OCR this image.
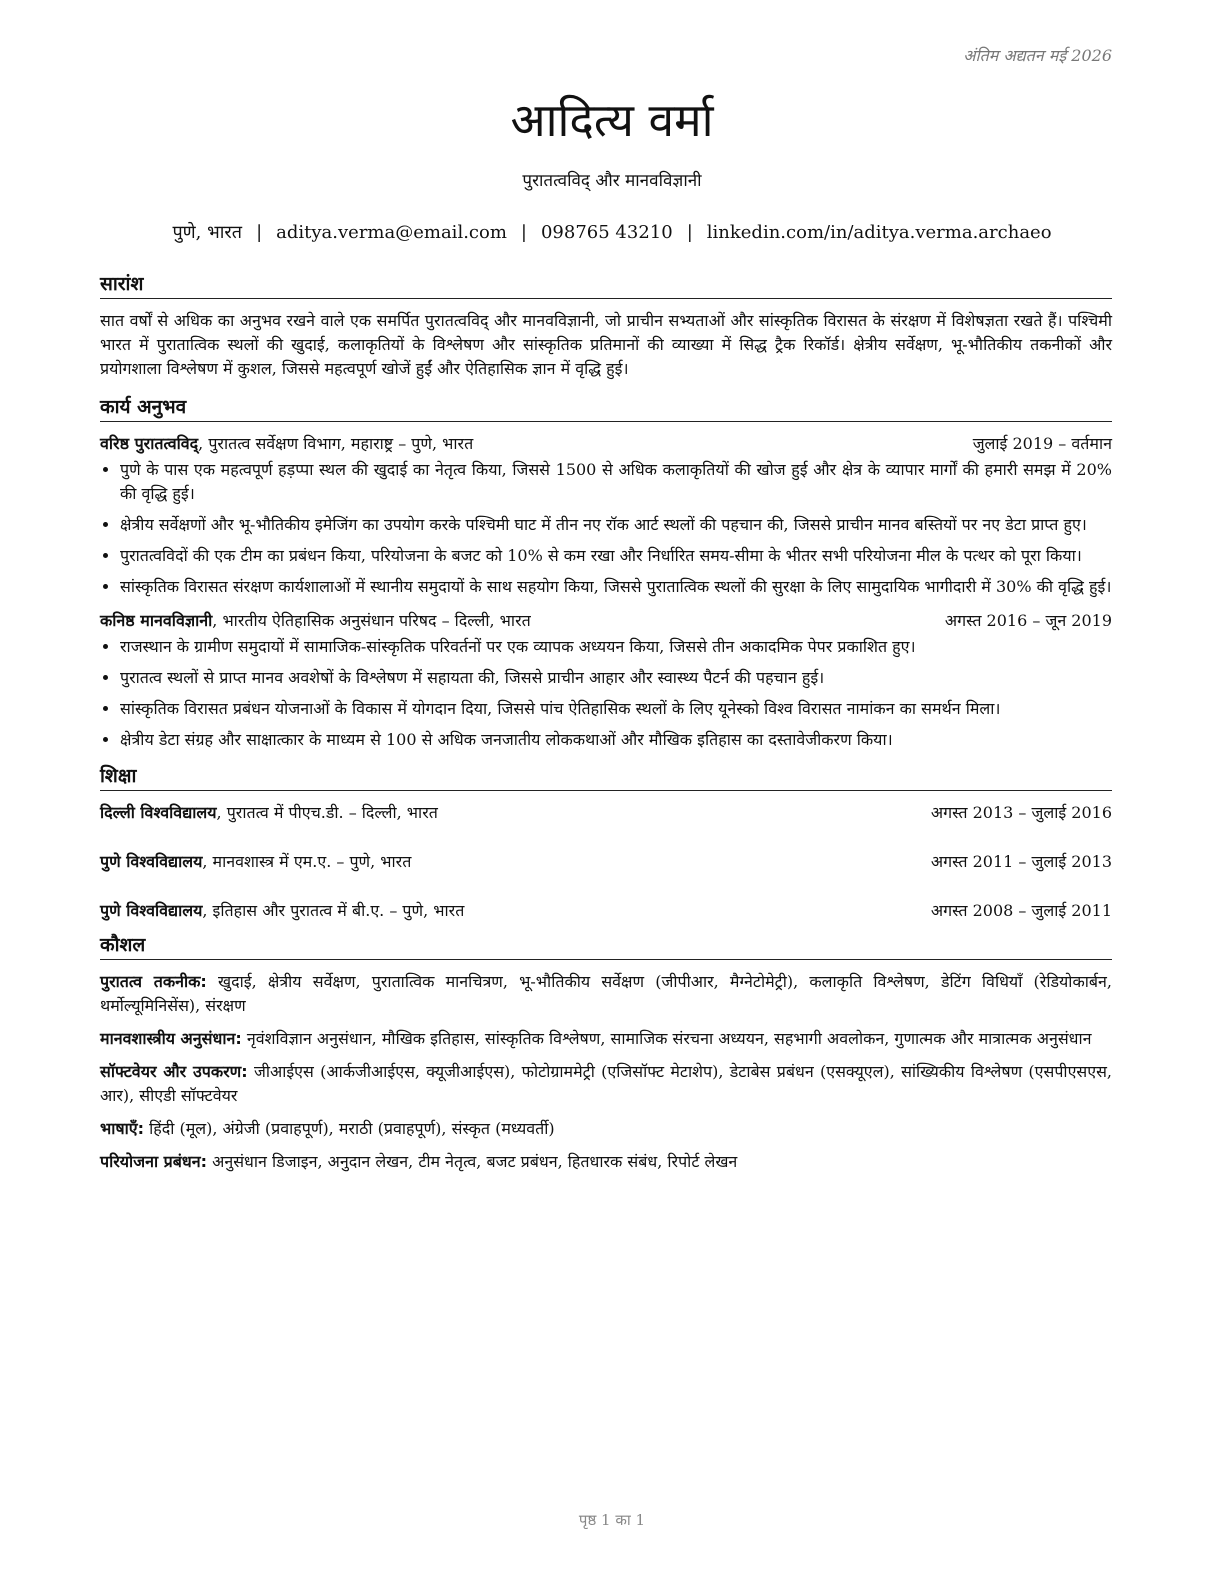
अंतिम अद्यतन मई 2026
आदित्य वर्मा
पुरातत्वविद् और मानवविज्ञानी
पुणे, भारत | aditya.verma@email.com | 098765 43210 | linkedin.com/in/aditya.verma.archaeo
सारांश

सात वर्षों से अधिक का अनुभव रखने वाले एक समर्पित पुरातत्वविद् और मानवविज्ञानी, जो प्राचीन सभ्यताओं और सांस्कृतिक विरासत के संरक्षण में विशेषज्ञता रखते हैं। पश्चिमी भारत में पुरातात्विक स्थलों की खुदाई, कलाकृतियों के विश्लेषण और सांस्कृतिक प्रतिमानों की व्याख्या में सिद्ध ट्रैक रिकॉर्ड। क्षेत्रीय सर्वेक्षण, भू-भौतिकीय तकनीकों और प्रयोगशाला विश्लेषण में कुशल, जिससे महत्वपूर्ण खोजें हुईं और ऐतिहासिक ज्ञान में वृद्धि हुई।

कार्य अनुभव
वरिष्ठ पुरातत्वविद्, पुरातत्व सर्वेक्षण विभाग, महाराष्ट्र – पुणे, भारत	जुलाई 2019 – वर्तमान
• पुणे के पास एक महत्वपूर्ण हड़प्पा स्थल की खुदाई का नेतृत्व किया, जिससे 1500 से अधिक कलाकृतियों की खोज हुई और क्षेत्र के व्यापार मार्गों की हमारी समझ में 20% की वृद्धि हुई।
• क्षेत्रीय सर्वेक्षणों और भू-भौतिकीय इमेजिंग का उपयोग करके पश्चिमी घाट में तीन नए रॉक आर्ट स्थलों की पहचान की, जिससे प्राचीन मानव बस्तियों पर नए डेटा प्राप्त हुए।
• पुरातत्वविदों की एक टीम का प्रबंधन किया, परियोजना के बजट को 10% से कम रखा और निर्धारित समय-सीमा के भीतर सभी परियोजना मील के पत्थर को पूरा किया।
• सांस्कृतिक विरासत संरक्षण कार्यशालाओं में स्थानीय समुदायों के साथ सहयोग किया, जिससे पुरातात्विक स्थलों की सुरक्षा के लिए सामुदायिक भागीदारी में 30% की वृद्धि हुई।
कनिष्ठ मानवविज्ञानी, भारतीय ऐतिहासिक अनुसंधान परिषद – दिल्ली, भारत	अगस्त 2016 – जून 2019
• राजस्थान के ग्रामीण समुदायों में सामाजिक-सांस्कृतिक परिवर्तनों पर एक व्यापक अध्ययन किया, जिससे तीन अकादमिक पेपर प्रकाशित हुए।
• पुरातत्व स्थलों से प्राप्त मानव अवशेषों के विश्लेषण में सहायता की, जिससे प्राचीन आहार और स्वास्थ्य पैटर्न की पहचान हुई।
• सांस्कृतिक विरासत प्रबंधन योजनाओं के विकास में योगदान दिया, जिससे पांच ऐतिहासिक स्थलों के लिए यूनेस्को विश्व विरासत नामांकन का समर्थन मिला।
• क्षेत्रीय डेटा संग्रह और साक्षात्कार के माध्यम से 100 से अधिक जनजातीय लोककथाओं और मौखिक इतिहास का दस्तावेजीकरण किया।
शिक्षा
दिल्ली विश्वविद्यालय, पुरातत्व में पीएच.डी. – दिल्ली, भारत	अगस्त 2013 – जुलाई 2016
पुणे विश्वविद्यालय, मानवशास्त्र में एम.ए. – पुणे, भारत	अगस्त 2011 – जुलाई 2013
पुणे विश्वविद्यालय, इतिहास और पुरातत्व में बी.ए. – पुणे, भारत	अगस्त 2008 – जुलाई 2011
कौशल
पुरातत्व तकनीक: खुदाई, क्षेत्रीय सर्वेक्षण, पुरातात्विक मानचित्रण, भू-भौतिकीय सर्वेक्षण (जीपीआर, मैग्नेटोमेट्री), कलाकृति विश्लेषण, डेटिंग विधियाँ (रेडियोकार्बन, थर्मोल्यूमिनिसेंस), संरक्षण
मानवशास्त्रीय अनुसंधान: नृवंशविज्ञान अनुसंधान, मौखिक इतिहास, सांस्कृतिक विश्लेषण, सामाजिक संरचना अध्ययन, सहभागी अवलोकन, गुणात्मक और मात्रात्मक अनुसंधान
सॉफ्टवेयर और उपकरण: जीआईएस (आर्कजीआईएस, क्यूजीआईएस), फोटोग्राममेट्री (एजिसॉफ्ट मेटाशेप), डेटाबेस प्रबंधन (एसक्यूएल), सांख्यिकीय विश्लेषण (एसपीएसएस, आर), सीएडी सॉफ्टवेयर
भाषाएँ: हिंदी (मूल), अंग्रेजी (प्रवाहपूर्ण), मराठी (प्रवाहपूर्ण), संस्कृत (मध्यवर्ती)
परियोजना प्रबंधन: अनुसंधान डिजाइन, अनुदान लेखन, टीम नेतृत्व, बजट प्रबंधन, हितधारक संबंध, रिपोर्ट लेखन
पृष्ठ 1 का 1
